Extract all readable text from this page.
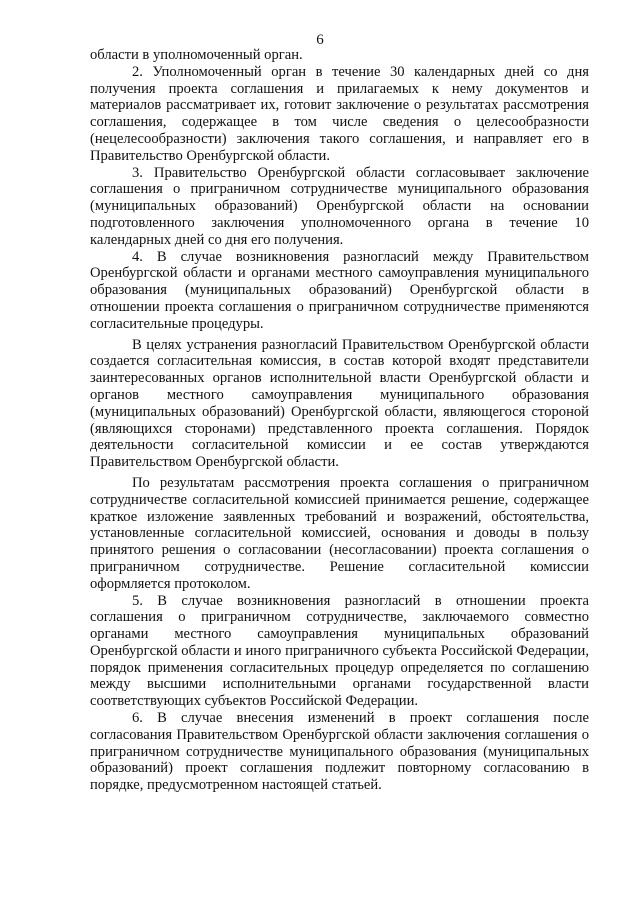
6

области в уполномоченный орган.

2. Уполномоченный орган в течение 30 календарных дней со дня получения проекта соглашения и прилагаемых к нему документов и материалов рассматривает их, готовит заключение о результатах рассмотрения соглашения, содержащее в том числе сведения о целесообразности (нецелесообразности) заключения такого соглашения, и направляет его в Правительство Оренбургской области.

3. Правительство Оренбургской области согласовывает заключение соглашения о приграничном сотрудничестве муниципального образования (муниципальных образований) Оренбургской области на основании подготовленного заключения уполномоченного органа в течение 10 календарных дней со дня его получения.

4. В случае возникновения разногласий между Правительством Оренбургской области и органами местного самоуправления муниципального образования (муниципальных образований) Оренбургской области в отношении проекта соглашения о приграничном сотрудничестве применяются согласительные процедуры.

В целях устранения разногласий Правительством Оренбургской области создается согласительная комиссия, в состав которой входят представители заинтересованных органов исполнительной власти Оренбургской области и органов местного самоуправления муниципального образования (муниципальных образований) Оренбургской области, являющегося стороной (являющихся сторонами) представленного проекта соглашения. Порядок деятельности согласительной комиссии и ее состав утверждаются Правительством Оренбургской области.

По результатам рассмотрения проекта соглашения о приграничном сотрудничестве согласительной комиссией принимается решение, содержащее краткое изложение заявленных требований и возражений, обстоятельства, установленные согласительной комиссией, основания и доводы в пользу принятого решения о согласовании (несогласовании) проекта соглашения о приграничном сотрудничестве. Решение согласительной комиссии оформляется протоколом.

5. В случае возникновения разногласий в отношении проекта соглашения о приграничном сотрудничестве, заключаемого совместно органами местного самоуправления муниципальных образований Оренбургской области и иного приграничного субъекта Российской Федерации, порядок применения согласительных процедур определяется по соглашению между высшими исполнительными органами государственной власти соответствующих субъектов Российской Федерации.

6. В случае внесения изменений в проект соглашения после согласования Правительством Оренбургской области заключения соглашения о приграничном сотрудничестве муниципального образования (муниципальных образований) проект соглашения подлежит повторному согласованию в порядке, предусмотренном настоящей статьей.
